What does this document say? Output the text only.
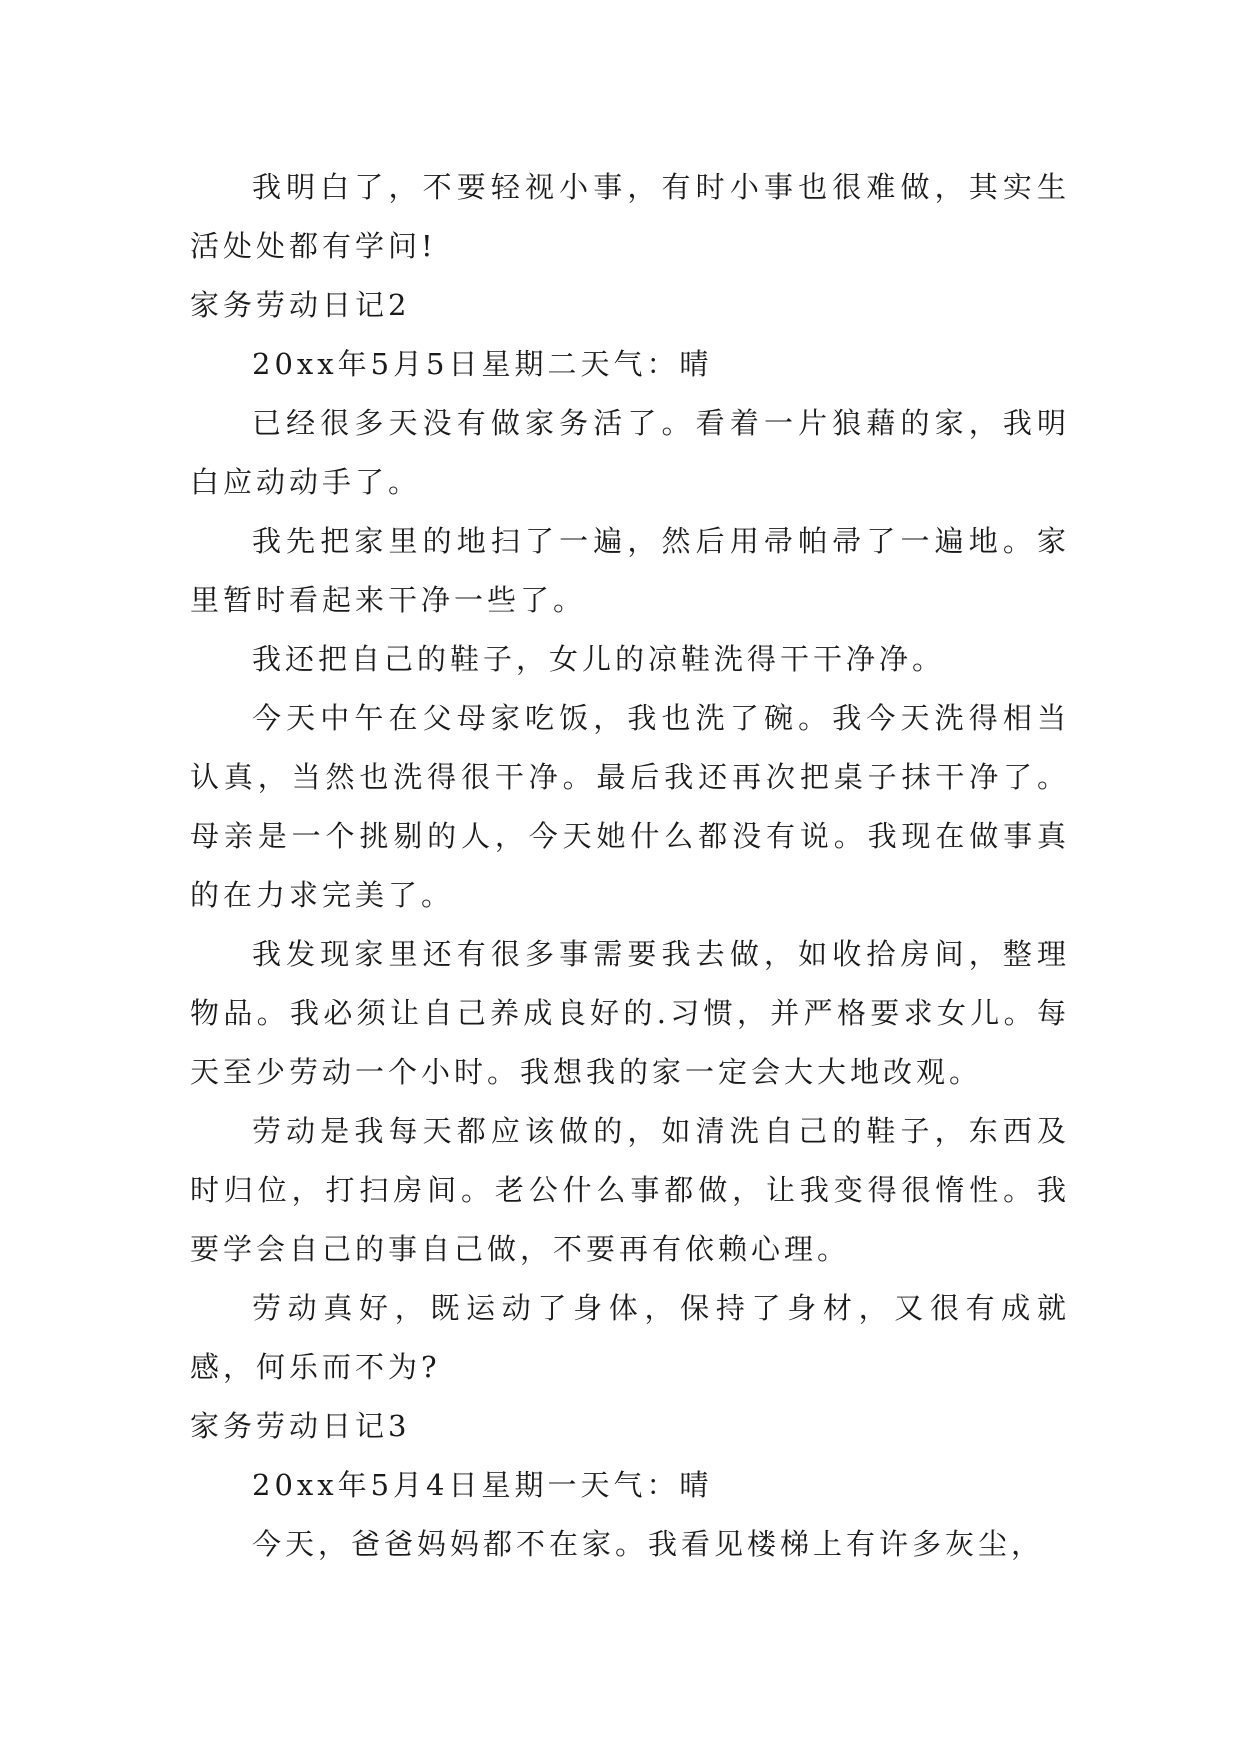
我明白了，不要轻视小事，有时小事也很难做，其实生活处处都有学问!

家务劳动日记2

20xx年5月5日星期二天气：晴

已经很多天没有做家务活了。看着一片狼藉的家，我明白应动动手了。

我先把家里的地扫了一遍，然后用帚帕帚了一遍地。家里暂时看起来干净一些了。

我还把自己的鞋子，女儿的凉鞋洗得干干净净。

今天中午在父母家吃饭，我也洗了碗。我今天洗得相当认真，当然也洗得很干净。最后我还再次把桌子抹干净了。母亲是一个挑剔的人，今天她什么都没有说。我现在做事真的在力求完美了。

我发现家里还有很多事需要我去做，如收拾房间，整理物品。我必须让自己养成良好的.习惯，并严格要求女儿。每天至少劳动一个小时。我想我的家一定会大大地改观。

劳动是我每天都应该做的，如清洗自己的鞋子，东西及时归位，打扫房间。老公什么事都做，让我变得很惰性。我要学会自己的事自己做，不要再有依赖心理。

劳动真好，既运动了身体，保持了身材，又很有成就感，何乐而不为?

家务劳动日记3

20xx年5月4日星期一天气：晴

今天，爸爸妈妈都不在家。我看见楼梯上有许多灰尘，
